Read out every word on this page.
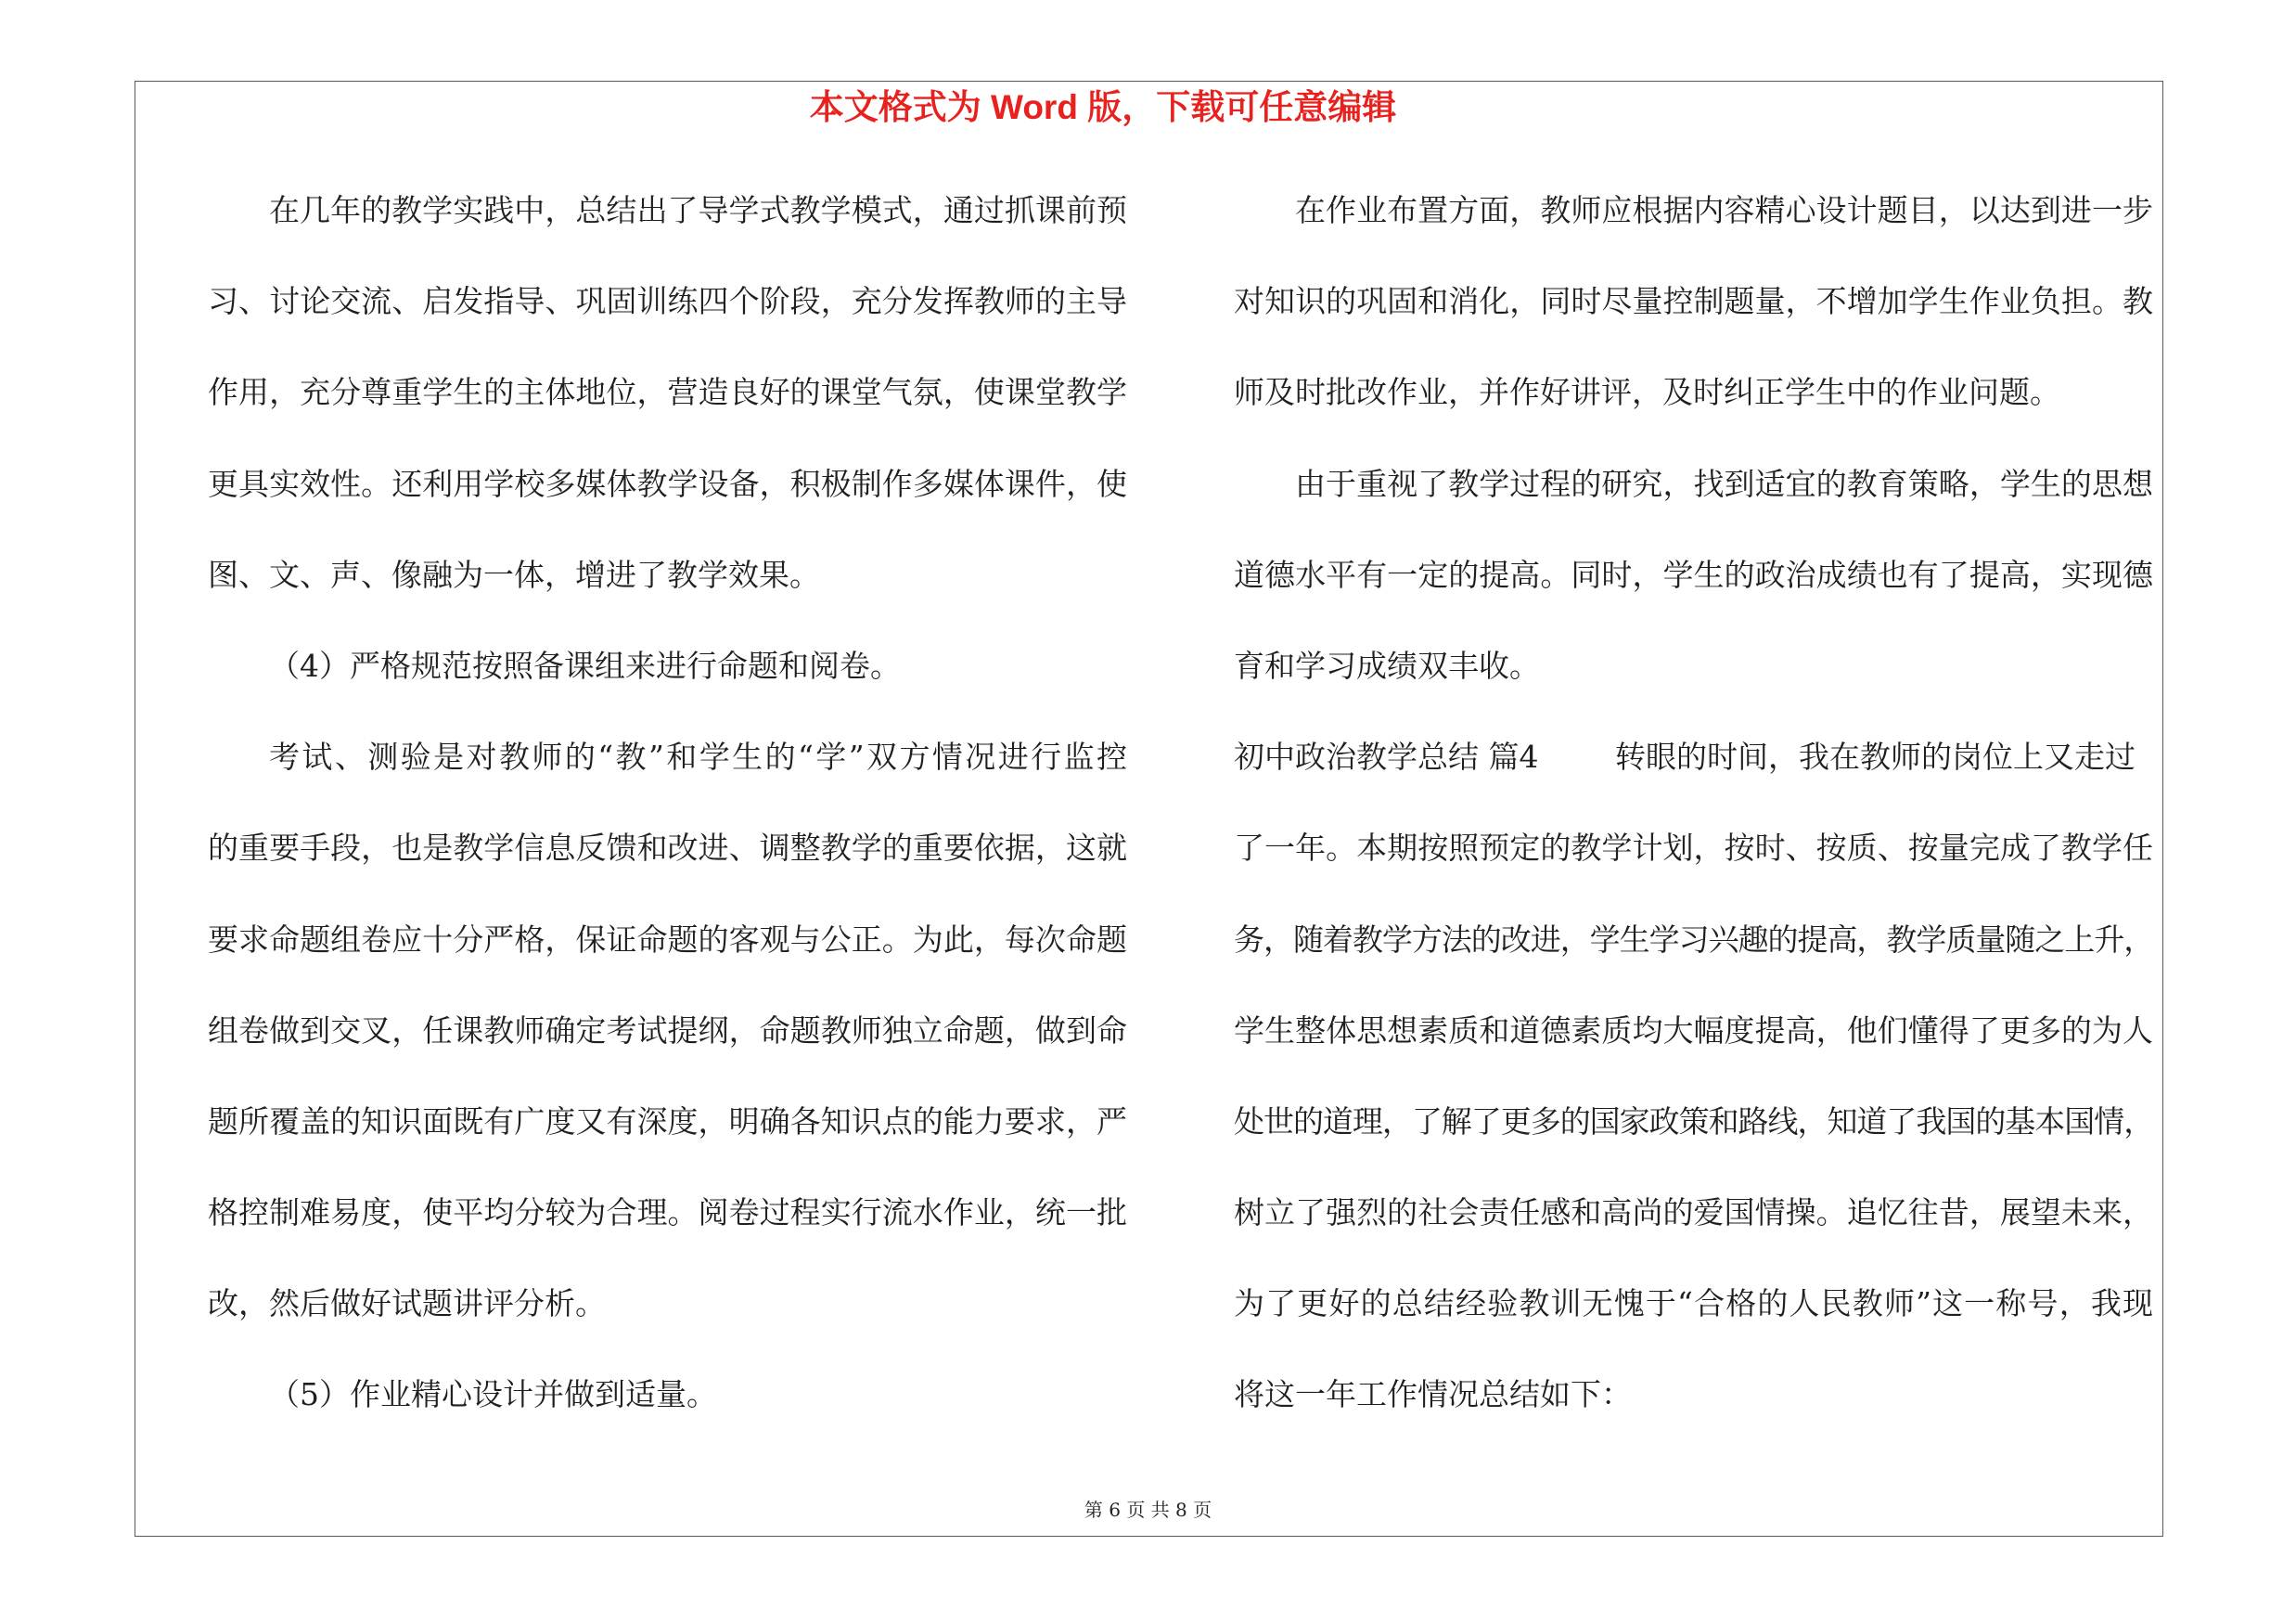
本文格式为 Word 版，下载可任意编辑
在几年的教学实践中，总结出了导学式教学模式，通过抓课前预
习、讨论交流、启发指导、巩固训练四个阶段，充分发挥教师的主导
作用，充分尊重学生的主体地位，营造良好的课堂气氛，使课堂教学
更具实效性。还利用学校多媒体教学设备，积极制作多媒体课件，使
图、文、声、像融为一体，增进了教学效果。
（4）严格规范按照备课组来进行命题和阅卷。
考试、测验是对教师的“教”和学生的“学”双方情况进行监控
的重要手段，也是教学信息反馈和改进、调整教学的重要依据，这就
要求命题组卷应十分严格，保证命题的客观与公正。为此，每次命题
组卷做到交叉，任课教师确定考试提纲，命题教师独立命题，做到命
题所覆盖的知识面既有广度又有深度，明确各知识点的能力要求，严
格控制难易度，使平均分较为合理。阅卷过程实行流水作业，统一批
改，然后做好试题讲评分析。
（5）作业精心设计并做到适量。
在作业布置方面，教师应根据内容精心设计题目，以达到进一步
对知识的巩固和消化，同时尽量控制题量，不增加学生作业负担。教
师及时批改作业，并作好讲评，及时纠正学生中的作业问题。
由于重视了教学过程的研究，找到适宜的教育策略，学生的思想
道德水平有一定的提高。同时，学生的政治成绩也有了提高，实现德
育和学习成绩双丰收。
初中政治教学总结 篇4	转眼的时间，我在教师的岗位上又走过
了一年。本期按照预定的教学计划，按时、按质、按量完成了教学任
务，随着教学方法的改进，学生学习兴趣的提高，教学质量随之上升，
学生整体思想素质和道德素质均大幅度提高，他们懂得了更多的为人
处世的道理，了解了更多的国家政策和路线，知道了我国的基本国情，
树立了强烈的社会责任感和高尚的爱国情操。追忆往昔，展望未来，
为了更好的总结经验教训无愧于“合格的人民教师”这一称号，我现
将这一年工作情况总结如下：
第 6 页 共 8 页
